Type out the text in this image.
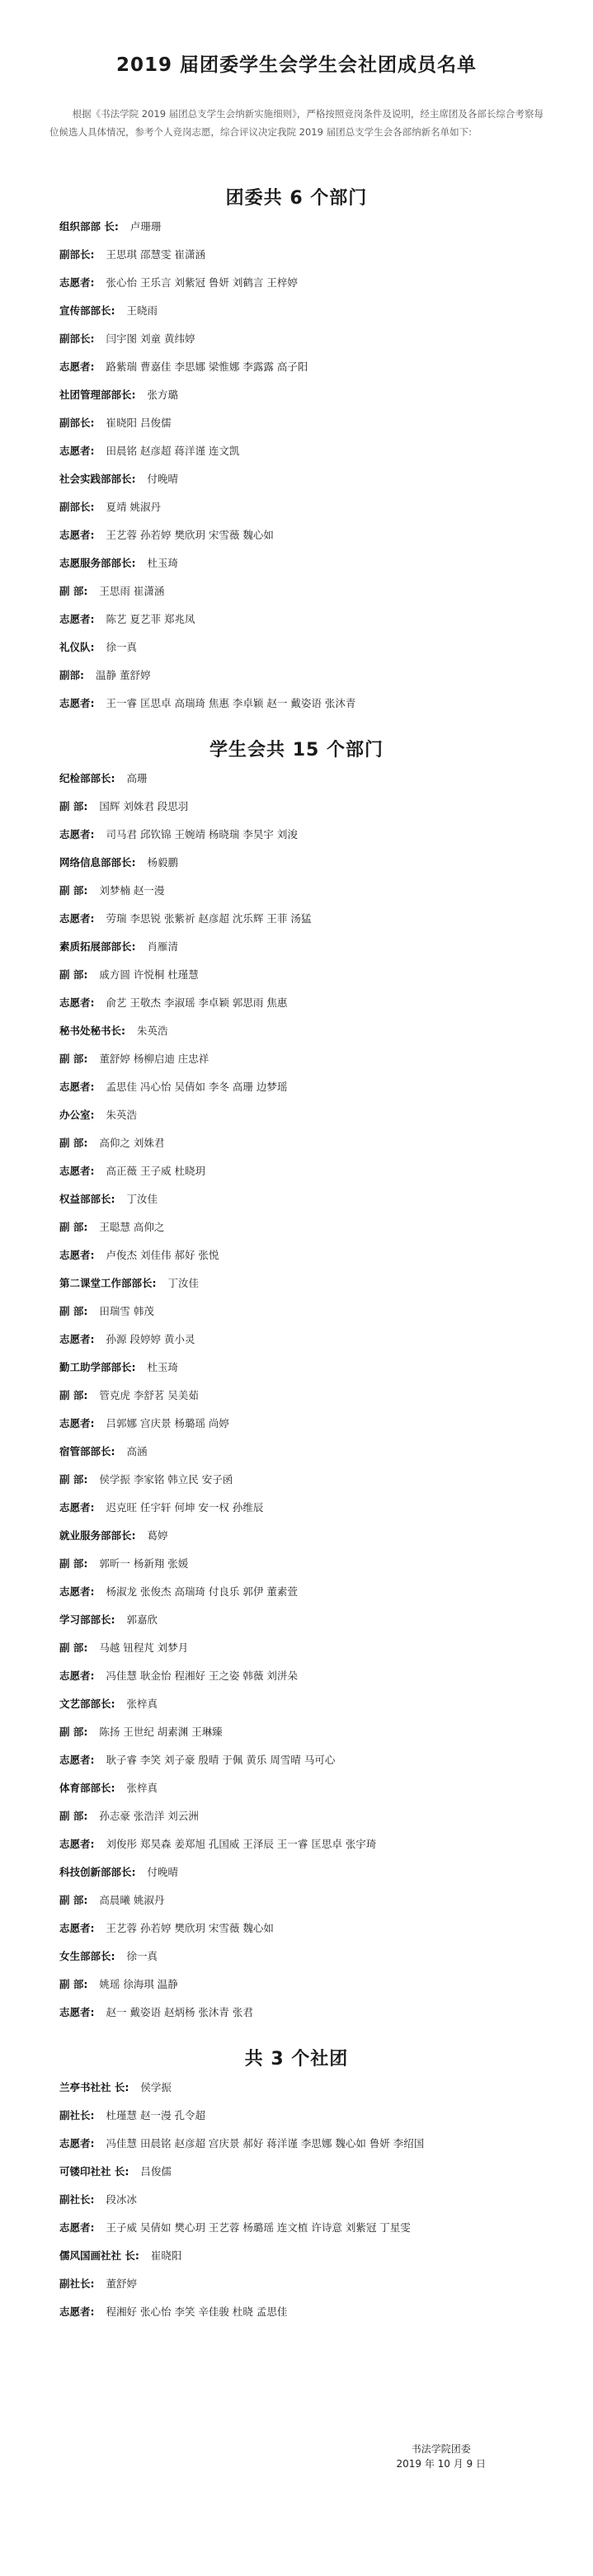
2019 届团委学生会学生会社团成员名单
根据《书法学院 2019 届团总支学生会纳新实施细则》，严格按照竞岗条件及说明，经主席团及各部长综合考察每位候选人具体情况，参考个人竞岗志愿，综合评议决定我院 2019 届团总支学生会各部纳新名单如下:
团委共 6 个部门
组织部部 长: 卢珊珊
副部长: 王思琪 邵慧雯 崔潇涵
志愿者: 张心怡 王乐言 刘紫冠 鲁妍 刘鹤言 王梓婷
宣传部部长: 王晓雨
副部长: 闫宇图 刘童 黄纬婷
志愿者: 路紫瑞 曹嘉佳 李思娜 梁惟娜 李露露 高子阳
社团管理部部长: 张方璐
副部长: 崔晓阳 吕俊儒
志愿者: 田晨铭 赵彦超 蒋洋谨 连文凯
社会实践部部长: 付晚晴
副部长: 夏靖 姚淑丹
志愿者: 王艺蓉 孙若婷 樊欣玥 宋雪薇 魏心如
志愿服务部部长: 杜玉琦
副 部: 王思雨 崔潇涵
志愿者: 陈艺 夏艺菲 郑兆凤
礼仪队: 徐一真
副部: 温静 董舒婷
志愿者: 王一睿 匡思卓 高瑞琦 焦惠 李卓颖 赵一 戴姿语 张沐青
学生会共 15 个部门
纪检部部长: 高珊
副 部: 国辉 刘姝君 段思羽
志愿者: 司马君 邱钦锦 王婉靖 杨晓瑞 李昊宇 刘浚
网络信息部部长: 杨毅鹏
副 部: 刘梦楠 赵一漫
志愿者: 劳瑞 李思锐 张紫祈 赵彦超 沈乐辉 王菲 汤猛
素质拓展部部长: 肖雁清
副 部: 戚方圆 许悦桐 杜瑾慧
志愿者: 俞艺 王敬杰 李淑瑶 李卓颖 郭思雨 焦惠
秘书处秘书长: 朱英浩
副 部: 董舒婷 杨柳启迪 庄忠祥
志愿者: 孟思佳 冯心怡 吴倩如 李冬 高珊 边梦瑶
办公室: 朱英浩
副 部: 高仰之 刘姝君
志愿者: 高正薇 王子威 杜晓玥
权益部部长: 丁汝佳
副 部: 王聪慧 高仰之
志愿者: 卢俊杰 刘佳伟 郝好 张悦
第二课堂工作部部长: 丁汝佳
副 部: 田瑞雪 韩茂
志愿者: 孙源 段婷婷 黄小灵
勤工助学部部长: 杜玉琦
副 部: 管克虎 李舒茗 吴美茹
志愿者: 吕郭娜 宫庆景 杨璐瑶 尚婷
宿管部部长: 高涵
副 部: 侯学振 李家铭 韩立民 安子函
志愿者: 迟克旺 任宇轩 何坤 安一权 孙维辰
就业服务部部长: 葛婷
副 部: 郭昕一 杨新翔 张媛
志愿者: 杨淑龙 张俊杰 高瑞琦 付良乐 郭伊 董素萱
学习部部长: 郭嘉欣
副 部: 马越 钮程芃 刘梦月
志愿者: 冯佳慧 耿金怡 程湘好 王之姿 韩薇 刘洴朵
文艺部部长: 张梓真
副 部: 陈扬 王世纪 胡素渊 王琳臻
志愿者: 耿子睿 李笑 刘子豪 殷晴 于佩 黄乐 周雪晴 马可心
体育部部长: 张梓真
副 部: 孙志豪 张浩洋 刘云洲
志愿者: 刘俊彤 郑昊森 姜郑旭 孔国威 王泽辰 王一睿 匡思卓 张宇琦
科技创新部部长: 付晚晴
副 部: 高晨曦 姚淑丹
志愿者: 王艺蓉 孙若婷 樊欣玥 宋雪薇 魏心如
女生部部长: 徐一真
副 部: 姚瑶 徐海琪 温静
志愿者: 赵一 戴姿语 赵炳杨 张沐青 张君
共 3 个社团
兰亭书社社 长: 侯学振
副社长: 杜瑾慧 赵一漫 孔令超
志愿者: 冯佳慧 田晨铭 赵彦超 宫庆景 郝好 蒋洋谨 李思娜 魏心如 鲁妍 李绍国
可镂印社社 长: 吕俊儒
副社长: 段冰冰
志愿者: 王子威 吴倩如 樊心玥 王艺蓉 杨璐瑶 连文植 许诗意 刘紫冠 丁星雯
儒风国画社社 长: 崔晓阳
副社长: 董舒婷
志愿者: 程湘好 张心怡 李笑 辛佳骏 杜晓 孟思佳
书法学院团委
2019 年 10 月 9 日
